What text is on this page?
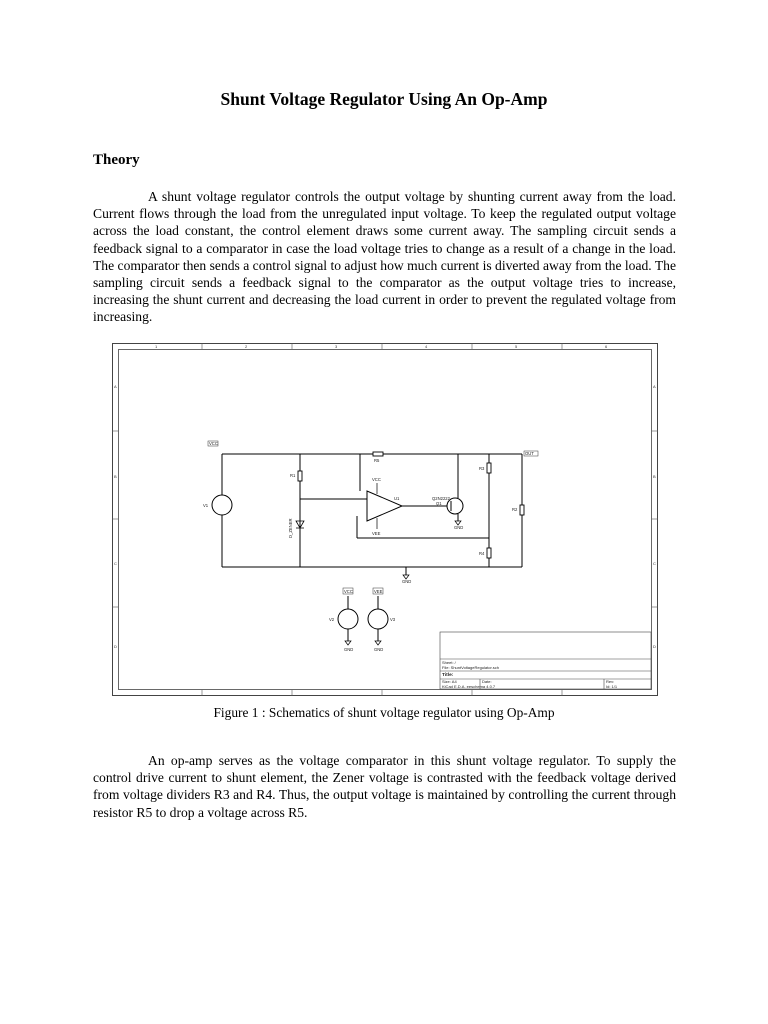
Shunt Voltage Regulator Using An Op-Amp
Theory

A shunt voltage regulator controls the output voltage by shunting current away from the load. Current flows through the load from the unregulated input voltage. To keep the regulated output voltage across the load constant, the control element draws some current away. The sampling circuit sends a feedback signal to a comparator in case the load voltage tries to change as a result of a change in the load. The comparator then sends a control signal to adjust how much current is diverted away from the load. The sampling circuit sends a feedback signal to the comparator as the output voltage tries to increase, increasing the shunt current and decreasing the load current in order to prevent the regulated voltage from increasing.

1	2	3	4	5	6
A
B
C
D
A
B
C
D
VCC
OUT
R5
R1
R3
R4
R2
D_ZENER
Q2N2222
Q1
V1
U1
GND
GND
VCC
VEE
VCC	VEE
V2	V3
GND	GND
Sheet: /
File: ShuntVoltageRegulator.sch
Title:
Size: A4	Date:	Rev:
KiCad E.D.A. eeschema 4.0.7	Id: 1/1
Figure 1 : Schematics of shunt voltage regulator using Op-Amp

An op-amp serves as the voltage comparator in this shunt voltage regulator. To supply the control drive current to shunt element, the Zener voltage is contrasted with the feedback voltage derived from voltage dividers R3 and R4. Thus, the output voltage is maintained by controlling the current through resistor R5 to drop a voltage across R5.
